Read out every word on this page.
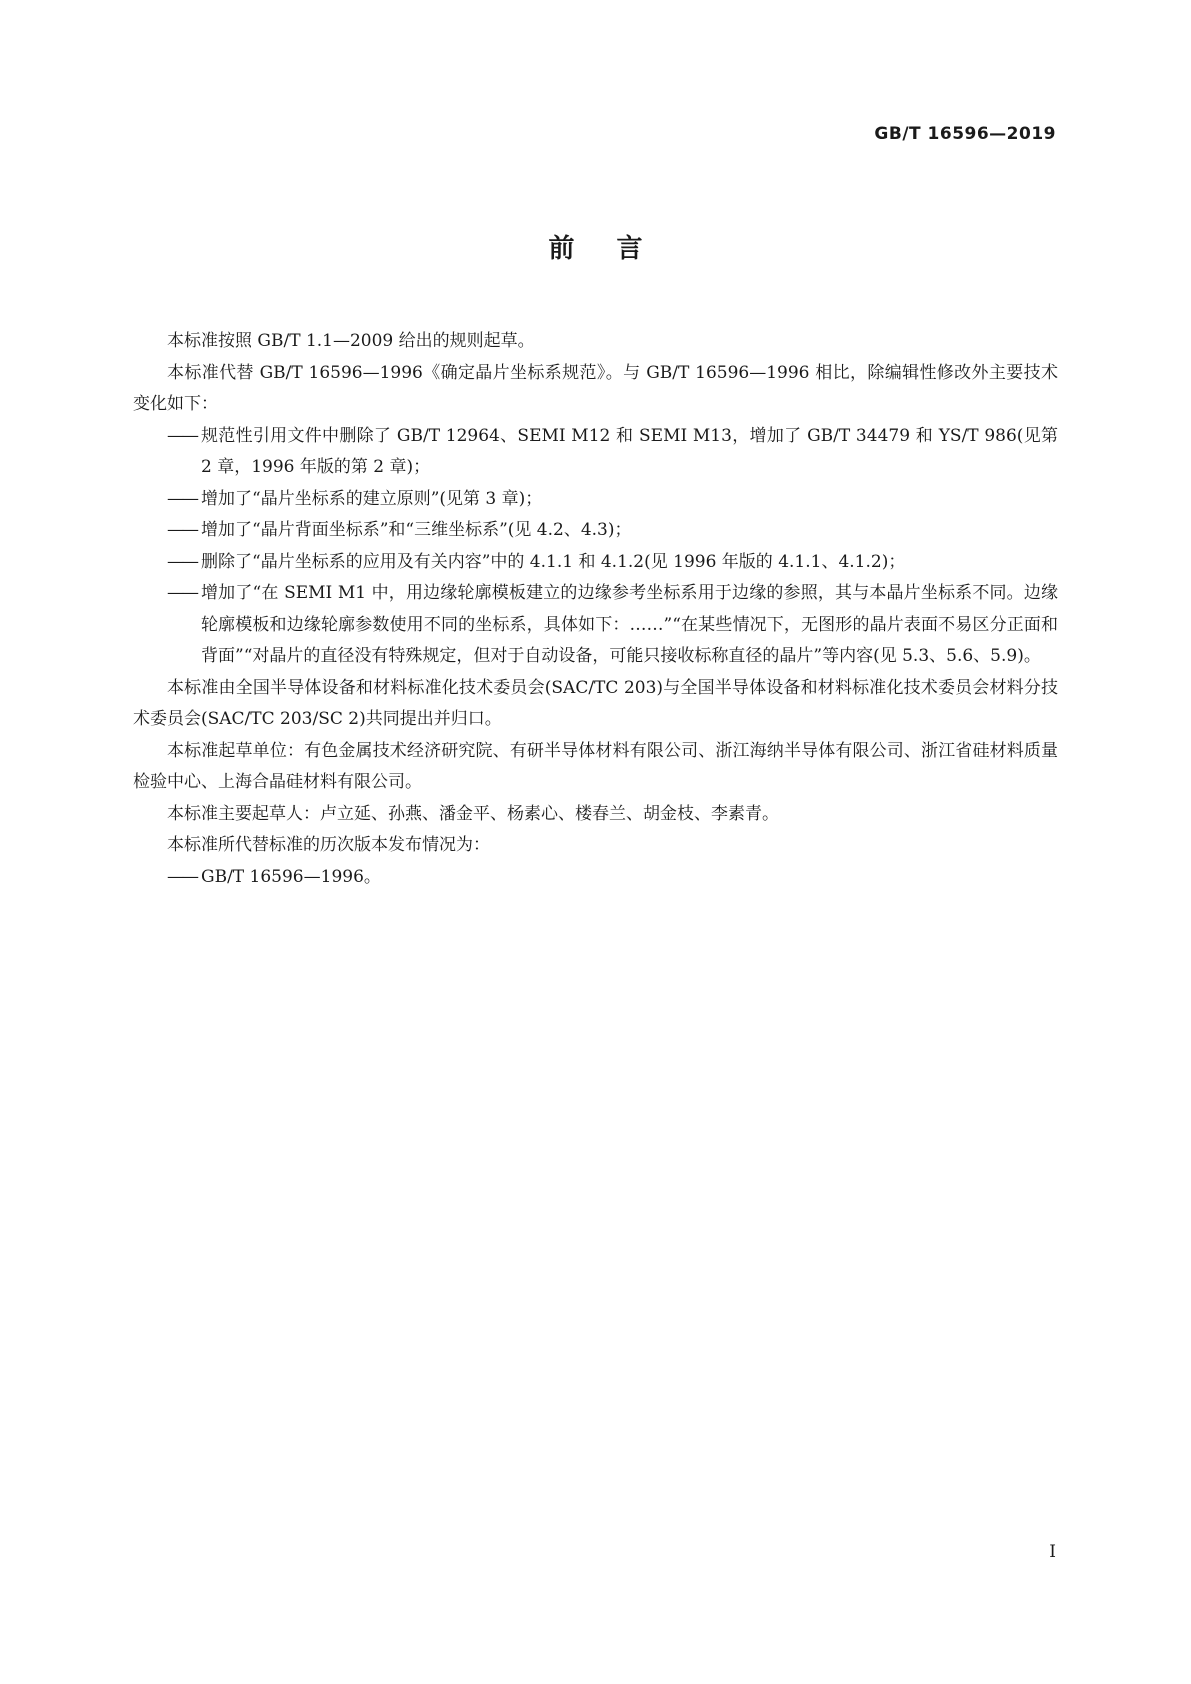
GB/T 16596—2019
前言

本标准按照 GB/T 1.1—2009 给出的规则起草。

本标准代替 GB/T 16596—1996《确定晶片坐标系规范》。与 GB/T 16596—1996 相比，除编辑性修改外主要技术变化如下：

—— 规范性引用文件中删除了 GB/T 12964、SEMI M12 和 SEMI M13，增加了 GB/T 34479 和 YS/T 986(见第 2 章，1996 年版的第 2 章)；
—— 增加了“晶片坐标系的建立原则”(见第 3 章)；
—— 增加了“晶片背面坐标系”和“三维坐标系”(见 4.2、4.3)；
—— 删除了“晶片坐标系的应用及有关内容”中的 4.1.1 和 4.1.2(见 1996 年版的 4.1.1、4.1.2)；
—— 增加了“在 SEMI M1 中，用边缘轮廓模板建立的边缘参考坐标系用于边缘的参照，其与本晶片坐标系不同。边缘轮廓模板和边缘轮廓参数使用不同的坐标系，具体如下：……”“在某些情况下，无图形的晶片表面不易区分正面和背面”“对晶片的直径没有特殊规定，但对于自动设备，可能只接收标称直径的晶片”等内容(见 5.3、5.6、5.9)。

本标准由全国半导体设备和材料标准化技术委员会(SAC/TC 203)与全国半导体设备和材料标准化技术委员会材料分技术委员会(SAC/TC 203/SC 2)共同提出并归口。

本标准起草单位：有色金属技术经济研究院、有研半导体材料有限公司、浙江海纳半导体有限公司、浙江省硅材料质量检验中心、上海合晶硅材料有限公司。

本标准主要起草人：卢立延、孙燕、潘金平、杨素心、楼春兰、胡金枝、李素青。

本标准所代替标准的历次版本发布情况为：

—— GB/T 16596—1996。
I
